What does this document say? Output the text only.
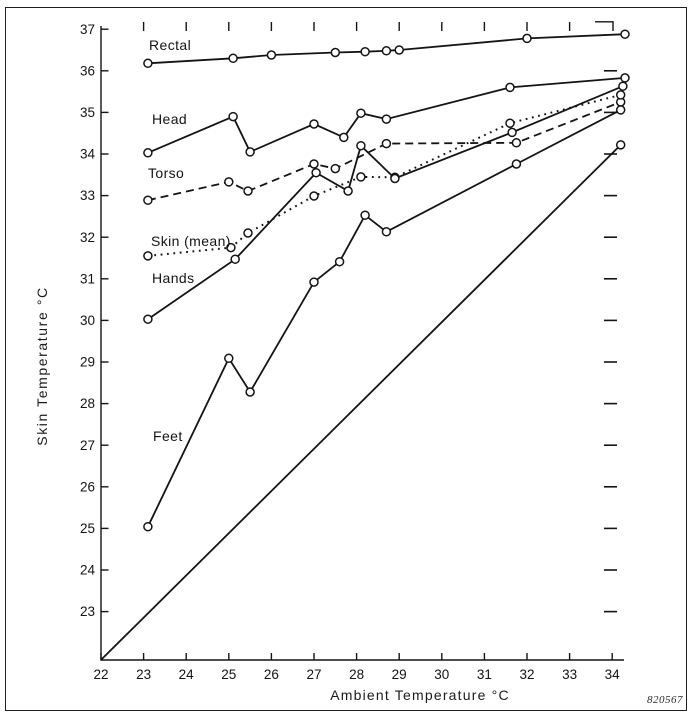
23
24
25
26
27
28
29
30
31
32
33
34
35
36
37
22 23 24 25 26 27 28 29 30 31 32 33 34
Rectal
Head
Torso
Skin (mean)
Hands
Feet
Skin Temperature °C
Ambient Temperature °C	820567
